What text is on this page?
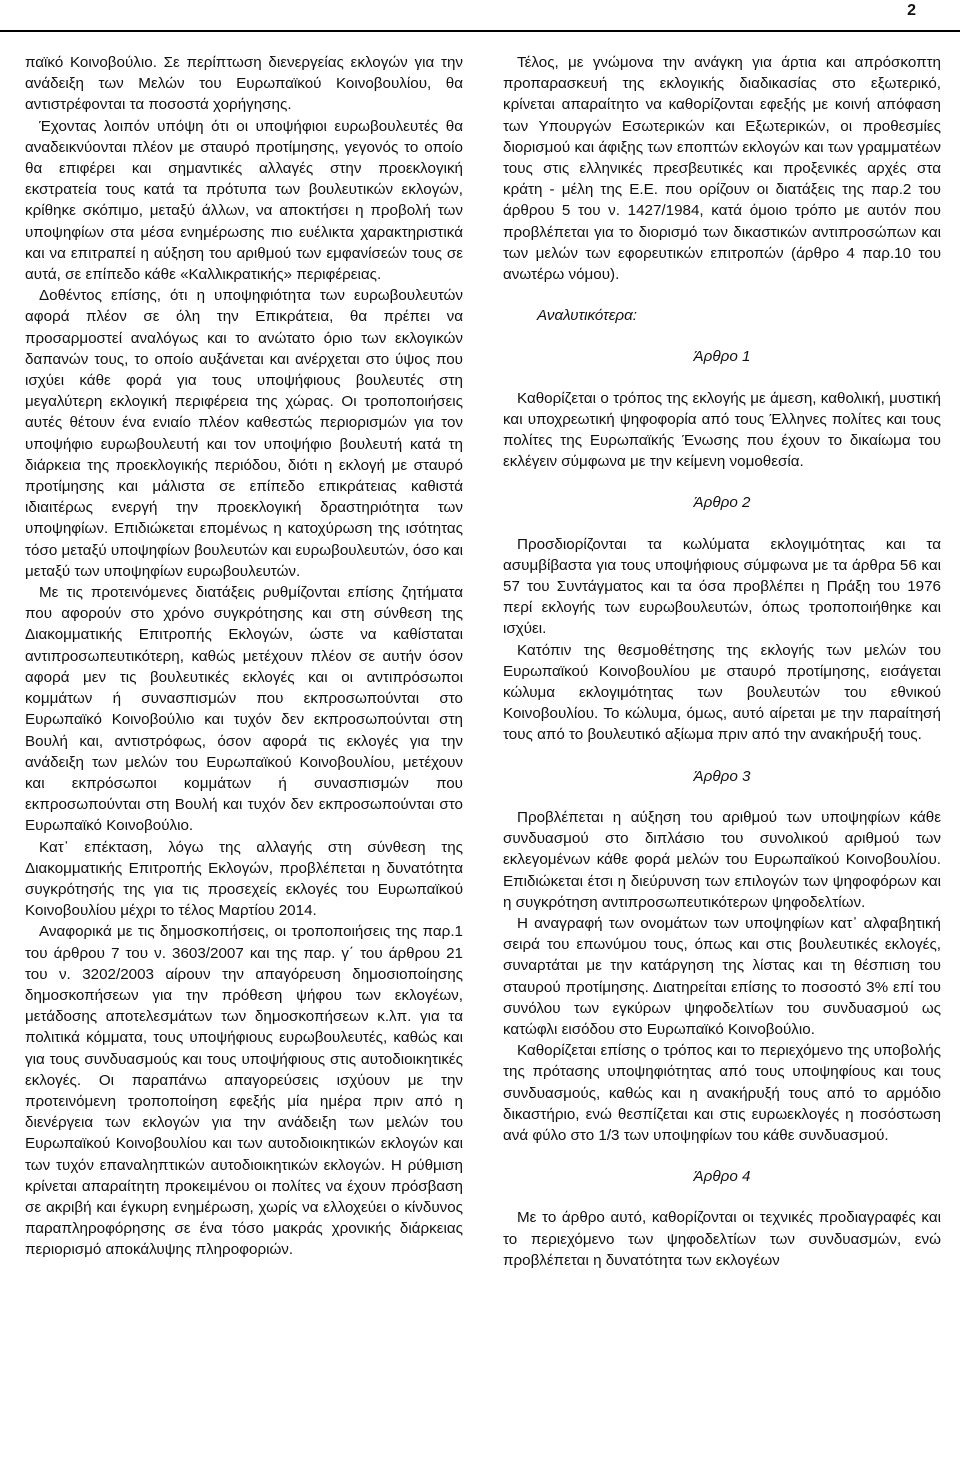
2

παϊκό Κοινοβούλιο. Σε περίπτωση διενεργείας εκλογών για την ανάδειξη των Μελών του Ευρωπαϊκού Κοινοβουλίου, θα αντιστρέφονται τα ποσοστά χορήγησης.

Έχοντας λοιπόν υπόψη ότι οι υποψήφιοι ευρωβουλευτές θα αναδεικνύονται πλέον με σταυρό προτίμησης, γεγονός το οποίο θα επιφέρει και σημαντικές αλλαγές στην προεκλογική εκστρατεία τους κατά τα πρότυπα των βουλευτικών εκλογών, κρίθηκε σκόπιμο, μεταξύ άλλων, να αποκτήσει η προβολή των υποψηφίων στα μέσα ενημέρωσης πιο ευέλικτα χαρακτηριστικά και να επιτραπεί η αύξηση του αριθμού των εμφανίσεών τους σε αυτά, σε επίπεδο κάθε «Καλλικρατικής» περιφέρειας.

Δοθέντος επίσης, ότι η υποψηφιότητα των ευρωβουλευτών αφορά πλέον σε όλη την Επικράτεια, θα πρέπει να προσαρμοστεί αναλόγως και το ανώτατο όριο των εκλογικών δαπανών τους, το οποίο αυξάνεται και ανέρχεται στο ύψος που ισχύει κάθε φορά για τους υποψήφιους βουλευτές στη μεγαλύτερη εκλογική περιφέρεια της χώρας. Οι τροποποιήσεις αυτές θέτουν ένα ενιαίο πλέον καθεστώς περιορισμών για τον υποψήφιο ευρωβουλευτή και τον υποψήφιο βουλευτή κατά τη διάρκεια της προεκλογικής περιόδου, διότι η εκλογή με σταυρό προτίμησης και μάλιστα σε επίπεδο επικράτειας καθιστά ιδιαιτέρως ενεργή την προεκλογική δραστηριότητα των υποψηφίων. Επιδιώκεται επομένως η κατοχύρωση της ισότητας τόσο μεταξύ υποψηφίων βουλευτών και ευρωβουλευτών, όσο και μεταξύ των υποψηφίων ευρωβουλευτών.

Με τις προτεινόμενες διατάξεις ρυθμίζονται επίσης ζητήματα που αφορούν στο χρόνο συγκρότησης και στη σύνθεση της Διακομματικής Επιτροπής Εκλογών, ώστε να καθίσταται αντιπροσωπευτικότερη, καθώς μετέχουν πλέον σε αυτήν όσον αφορά μεν τις βουλευτικές εκλογές και οι αντιπρόσωποι κομμάτων ή συνασπισμών που εκπροσωπούνται στο Ευρωπαϊκό Κοινοβούλιο και τυχόν δεν εκπροσωπούνται στη Βουλή και, αντιστρόφως, όσον αφορά τις εκλογές για την ανάδειξη των μελών του Ευρωπαϊκού Κοινοβουλίου, μετέχουν και εκπρόσωποι κομμάτων ή συνασπισμών που εκπροσωπούνται στη Βουλή και τυχόν δεν εκπροσωπούνται στο Ευρωπαϊκό Κοινοβούλιο.

Κατ᾿ επέκταση, λόγω της αλλαγής στη σύνθεση της Διακομματικής Επιτροπής Εκλογών, προβλέπεται η δυνατότητα συγκρότησής της για τις προσεχείς εκλογές του Ευρωπαϊκού Κοινοβουλίου μέχρι το τέλος Μαρτίου 2014.

Αναφορικά με τις δημοσκοπήσεις, οι τροποποιήσεις της παρ.1 του άρθρου 7 του ν. 3603/2007 και της παρ. γ΄ του άρθρου 21 του ν. 3202/2003 αίρουν την απαγόρευση δημοσιοποίησης δημοσκοπήσεων για την πρόθεση ψήφου των εκλογέων, μετάδοσης αποτελεσμάτων των δημοσκοπήσεων κ.λπ. για τα πολιτικά κόμματα, τους υποψήφιους ευρωβουλευτές, καθώς και για τους συνδυασμούς και τους υποψήφιους στις αυτοδιοικητικές εκλογές. Οι παραπάνω απαγορεύσεις ισχύουν με την προτεινόμενη τροποποίηση εφεξής μία ημέρα πριν από η διενέργεια των εκλογών για την ανάδειξη των μελών του Ευρωπαϊκού Κοινοβουλίου και των αυτοδιοικητικών εκλογών και των τυχόν επαναληπτικών αυτοδιοικητικών εκλογών. Η ρύθμιση κρίνεται απαραίτητη προκειμένου οι πολίτες να έχουν πρόσβαση σε ακριβή και έγκυρη ενημέρωση, χωρίς να ελλοχεύει ο κίνδυνος παραπληροφόρησης σε ένα τόσο μακράς χρονικής διάρκειας περιορισμό αποκάλυψης πληροφοριών.

Τέλος, με γνώμονα την ανάγκη για άρτια και απρόσκοπτη προπαρασκευή της εκλογικής διαδικασίας στο εξωτερικό, κρίνεται απαραίτητο να καθορίζονται εφεξής με κοινή απόφαση των Υπουργών Εσωτερικών και Εξωτερικών, οι προθεσμίες διορισμού και άφιξης των εποπτών εκλογών και των γραμματέων τους στις ελληνικές πρεσβευτικές και προξενικές αρχές στα κράτη - μέλη της Ε.Ε. που ορίζουν οι διατάξεις της παρ.2 του άρθρου 5 του ν. 1427/1984, κατά όμοιο τρόπο με αυτόν που προβλέπεται για το διορισμό των δικαστικών αντιπροσώπων και των μελών των εφορευτικών επιτροπών (άρθρο 4 παρ.10 του ανωτέρω νόμου).

Αναλυτικότερα:

Άρθρο 1

Καθορίζεται ο τρόπος της εκλογής με άμεση, καθολική, μυστική και υποχρεωτική ψηφοφορία από τους Έλληνες πολίτες και τους πολίτες της Ευρωπαϊκής Ένωσης που έχουν το δικαίωμα του εκλέγειν σύμφωνα με την κείμενη νομοθεσία.

Άρθρο 2

Προσδιορίζονται τα κωλύματα εκλογιμότητας και τα ασυμβίβαστα για τους υποψήφιους σύμφωνα με τα άρθρα 56 και 57 του Συντάγματος και τα όσα προβλέπει η Πράξη του 1976 περί εκλογής των ευρωβουλευτών, όπως τροποποιήθηκε και ισχύει.

Κατόπιν της θεσμοθέτησης της εκλογής των μελών του Ευρωπαϊκού Κοινοβουλίου με σταυρό προτίμησης, εισάγεται κώλυμα εκλογιμότητας των βουλευτών του εθνικού Κοινοβουλίου. Το κώλυμα, όμως, αυτό αίρεται με την παραίτησή τους από το βουλευτικό αξίωμα πριν από την ανακήρυξή τους.

Άρθρο 3

Προβλέπεται η αύξηση του αριθμού των υποψηφίων κάθε συνδυασμού στο διπλάσιο του συνολικού αριθμού των εκλεγομένων κάθε φορά μελών του Ευρωπαϊκού Κοινοβουλίου. Επιδιώκεται έτσι η διεύρυνση των επιλογών των ψηφοφόρων και η συγκρότηση αντιπροσωπευτικότερων ψηφοδελτίων.

Η αναγραφή των ονομάτων των υποψηφίων κατ᾿ αλφαβητική σειρά του επωνύμου τους, όπως και στις βουλευτικές εκλογές, συναρτάται με την κατάργηση της λίστας και τη θέσπιση του σταυρού προτίμησης. Διατηρείται επίσης το ποσοστό 3% επί του συνόλου των εγκύρων ψηφοδελτίων του συνδυασμού ως κατώφλι εισόδου στο Ευρωπαϊκό Κοινοβούλιο.

Καθορίζεται επίσης ο τρόπος και το περιεχόμενο της υποβολής της πρότασης υποψηφιότητας από τους υποψηφίους και τους συνδυασμούς, καθώς και η ανακήρυξή τους από το αρμόδιο δικαστήριο, ενώ θεσπίζεται και στις ευρωεκλογές η ποσόστωση ανά φύλο στο 1/3 των υποψηφίων του κάθε συνδυασμού.

Άρθρο 4

Με το άρθρο αυτό, καθορίζονται οι τεχνικές προδιαγραφές και το περιεχόμενο των ψηφοδελτίων των συνδυασμών, ενώ προβλέπεται η δυνατότητα των εκλογέων
